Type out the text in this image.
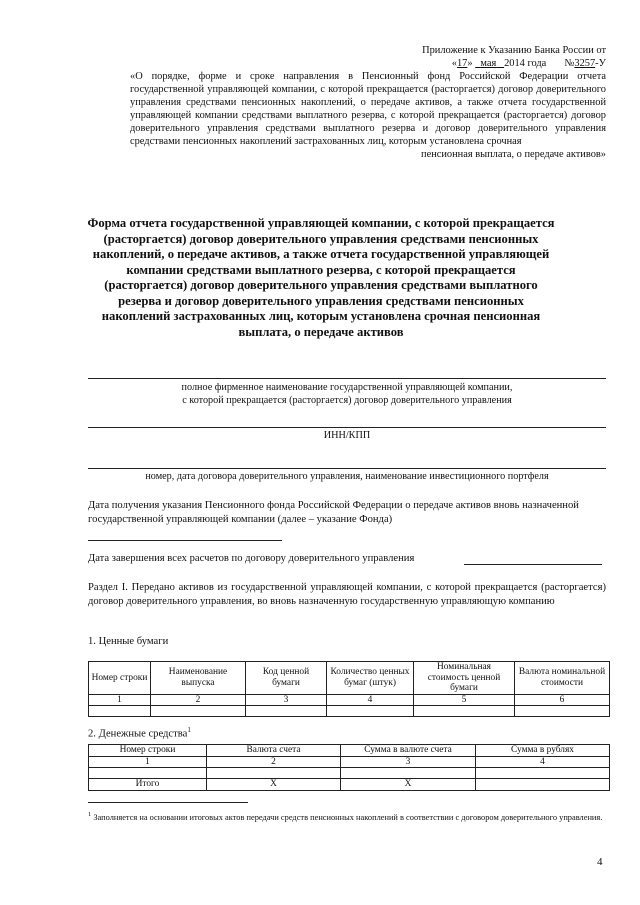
Приложение к Указанию Банка России от
«17» мая 2014 года №3257-У
«О порядке, форме и сроке направления в Пенсионный фонд Российской Федерации отчета государственной управляющей компании, с которой прекращается (расторгается) договор доверительного управления средствами пенсионных накоплений, о передаче активов, а также отчета государственной управляющей компании средствами выплатного резерва, с которой прекращается (расторгается) договор доверительного управления средствами выплатного резерва и договор доверительного управления средствами пенсионных накоплений застрахованных лиц, которым установлена срочная
пенсионная выплата, о передаче активов»
Форма отчета государственной управляющей компании, с которой прекращается (расторгается) договор доверительного управления средствами пенсионных накоплений, о передаче активов, а также отчета государственной управляющей компании средствами выплатного резерва, с которой прекращается (расторгается) договор доверительного управления средствами выплатного резерва и договор доверительного управления средствами пенсионных накоплений застрахованных лиц, которым установлена срочная пенсионная выплата, о передаче активов
полное фирменное наименование государственной управляющей компании,
с которой прекращается (расторгается) договор доверительного управления
ИНН/КПП
номер, дата договора доверительного управления, наименование инвестиционного портфеля
Дата получения указания Пенсионного фонда Российской Федерации о передаче активов вновь назначенной государственной управляющей компании (далее – указание Фонда)
Дата завершения всех расчетов по договору доверительного управления
Раздел I. Передано активов из государственной управляющей компании, с которой прекращается (расторгается) договор доверительного управления, во вновь назначенную государственную управляющую компанию
1. Ценные бумаги
Номер строки	Наименование выпуска	Код ценной бумаги	Количество ценных бумаг (штук)	Номинальная стоимость ценной бумаги	Валюта номинальной стоимости
1	2	3	4	5	6

2. Денежные средства$^1$
Номер строки	Валюта счета	Сумма в валюте счета	Сумма в рублях
1	2	3	4

Итого	X	X	
$^1$ Заполняется на основании итоговых актов передачи средств пенсионных накоплений в соответствии с договором доверительного управления.
4
